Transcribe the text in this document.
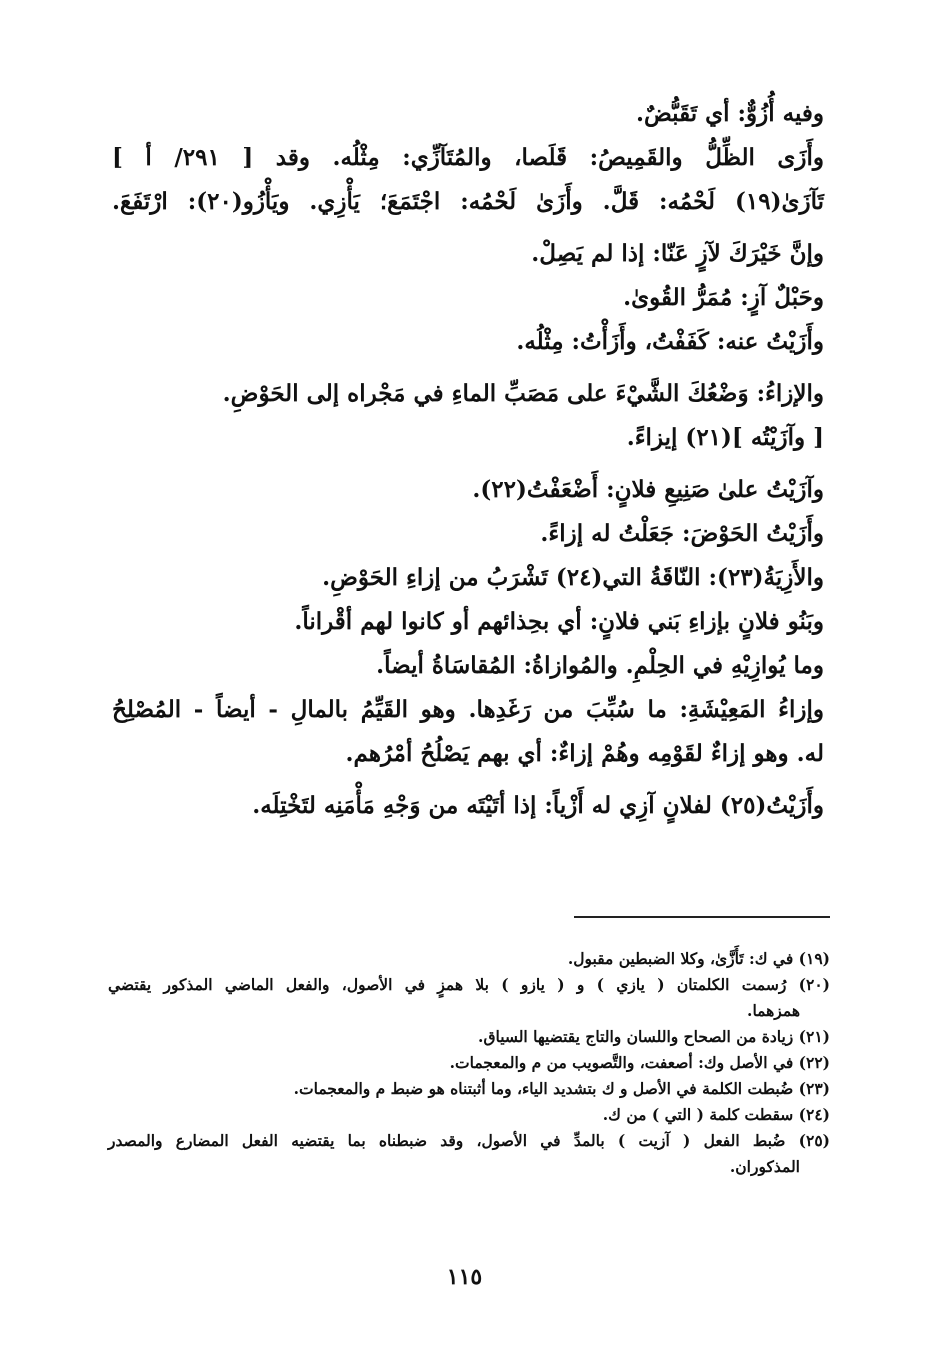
وفيه أُزُوٌّ: أي تَقَبُّضٌ.
وأَزَى الظِّلُّ والقَمِيصُ: قَلَصا، والمُتَآزِّي: مِثْلُه. وقد [ ٢٩١/ أ ]
تَآزَىٰ(١٩) لَحْمُه: قَلَّ. وأَزَىٰ لَحْمُه: اجْتَمَعَ؛ يَأْزِي. ويَأْزُو(٢٠): ارْتَفَعَ.
وإنَّ خَيْرَكَ لآزٍ عَنّا: إذا لم يَصِلْ.
وحَبْلٌ آزٍ: مُمَرُّ القُوىٰ.
وأَزَيْتُ عنه: كَفَفْتُ، وأَزَأْتُ: مِثْلُه.
والإزاءُ: وَضْعُكَ الشَّيْءَ على مَصَبِّ الماءِ في مَجْراه إلى الحَوْضِ.
[ وآزَيْتُه ](٢١) إيزاءً.
وآزَيْتُ علىٰ صَنِيعِ فلانٍ: أَضْعَفْتُ(٢٢).
وأَزَيْتُ الحَوْضَ: جَعَلْتُ له إزاءً.
والأَزِيَةُ(٢٣): النّاقَةُ التي(٢٤) تَشْرَبُ من إزاءِ الحَوْضِ.
وبَنُو فلانٍ بإزاءِ بَني فلانٍ: أي بحِذائهم أو كانوا لهم أقْراناً.
وما يُوازِيْهِ في الحِلْمِ. والمُوازاةُ: المُقاسَاةُ أيضاً.
وإزاءُ المَعِيْشَةِ: ما سُبِّبَ من رَغَدِها. وهو القَيِّمُ بالمالِ - أيضاً - المُصْلِحُ
له. وهو إزاءٌ لقَوْمِه وهُمْ إزاءٌ: أي بهم يَصْلُحُ أمْرُهم.
وأَزَيْتُ(٢٥) لفلانٍ آزِي له أَزْياً: إذا أتَيْتَه من وَجْهِ مَأْمَنِه لتَخْتِلَه.
(١٩) في ك: تَأَزَّىٰ، وكلا الضبطين مقبول.
(٢٠) رُسمت الكلمتان ( يازي ) و ( يازو ) بلا همزٍ في الأصول، والفعل الماضي المذكور يقتضي
همزهما.
(٢١) زيادة من الصحاح واللسان والتاج يقتضيها السياق.
(٢٢) في الأصل وك: أصعفت، والتَّصويب من م والمعجمات.
(٢٣) ضُبطت الكلمة في الأصل و ك بتشديد الياء، وما أثبتناه هو ضبط م والمعجمات.
(٢٤) سقطت كلمة ( التي ) من ك.
(٢٥) ضُبط الفعل ( آزيت ) بالمدِّ في الأصول، وقد ضبطناه بما يقتضيه الفعل المضارع والمصدر
المذكوران.
١١٥
